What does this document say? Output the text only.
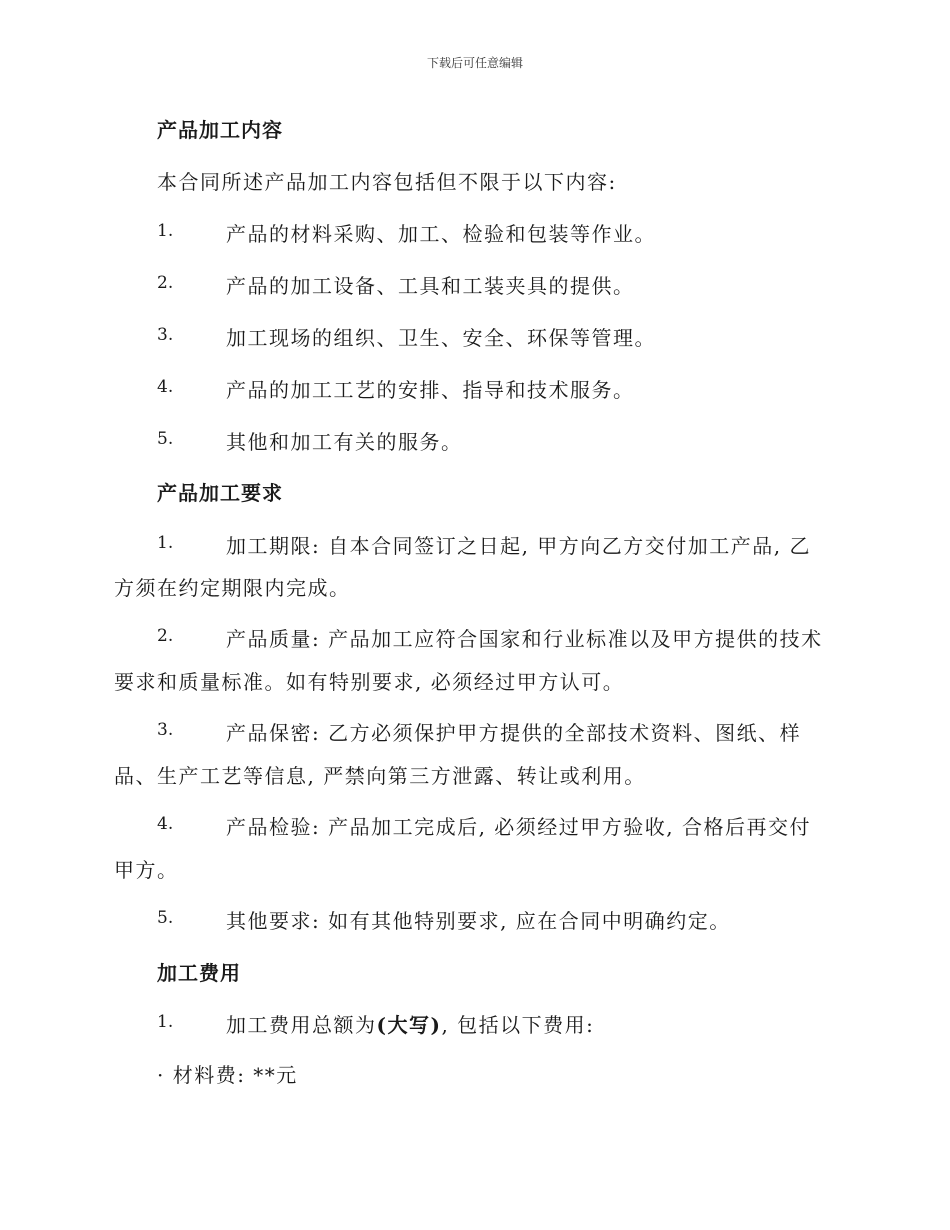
下载后可任意编辑
产品加工内容
本合同所述产品加工内容包括但不限于以下内容:
1.	产品的材料采购、加工、检验和包装等作业。
2.	产品的加工设备、工具和工装夹具的提供。
3.	加工现场的组织、卫生、安全、环保等管理。
4.	产品的加工工艺的安排、指导和技术服务。
5.	其他和加工有关的服务。
产品加工要求
1.	加工期限: 自本合同签订之日起, 甲方向乙方交付加工产品, 乙
方须在约定期限内完成。
2.	产品质量: 产品加工应符合国家和行业标准以及甲方提供的技术
要求和质量标准。如有特别要求, 必须经过甲方认可。
3.	产品保密: 乙方必须保护甲方提供的全部技术资料、图纸、样
品、生产工艺等信息, 严禁向第三方泄露、转让或利用。
4.	产品检验: 产品加工完成后, 必须经过甲方验收, 合格后再交付
甲方。
5.	其他要求: 如有其他特别要求, 应在合同中明确约定。
加工费用
1.	加工费用总额为(大写), 包括以下费用:
· 材料费: **元
